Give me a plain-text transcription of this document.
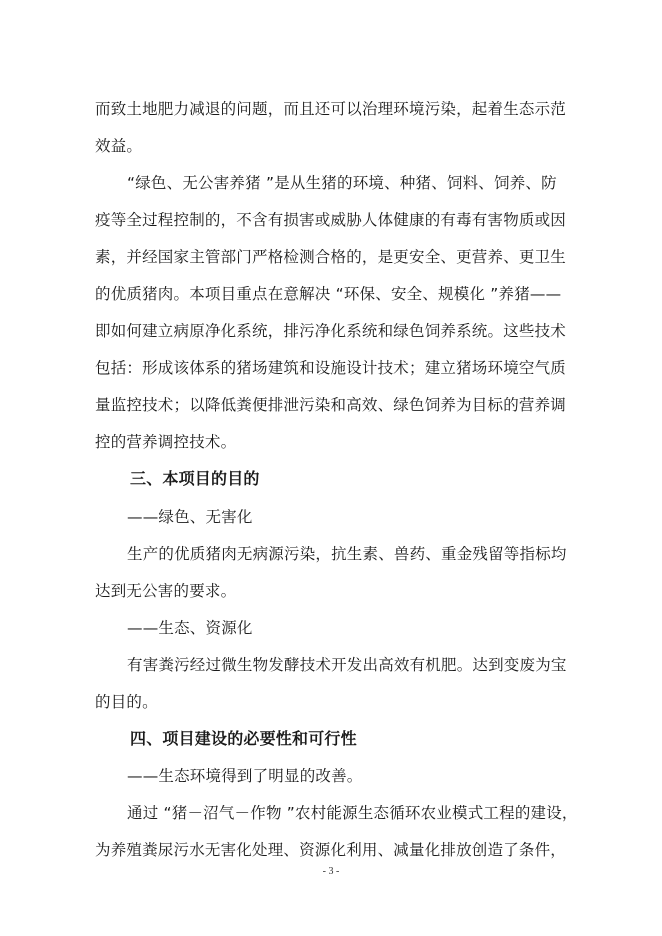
而致土地肥力减退的问题，而且还可以治理环境污染，起着生态示范
效益。
“绿色、无公害养猪 ”是从生猪的环境、种猪、饲料、饲养、防
疫等全过程控制的，不含有损害或威胁人体健康的有毒有害物质或因
素，并经国家主管部门严格检测合格的，是更安全、更营养、更卫生
的优质猪肉。本项目重点在意解决 “环保、安全、规模化 ”养猪——
即如何建立病原净化系统，排污净化系统和绿色饲养系统。这些技术
包括：形成该体系的猪场建筑和设施设计技术；建立猪场环境空气质
量监控技术；以降低粪便排泄污染和高效、绿色饲养为目标的营养调
控的营养调控技术。
三、本项目的目的
——绿色、无害化
生产的优质猪肉无病源污染，抗生素、兽药、重金残留等指标均
达到无公害的要求。
——生态、资源化
有害粪污经过微生物发酵技术开发出高效有机肥。达到变废为宝
的目的。
四、项目建设的必要性和可行性
——生态环境得到了明显的改善。
通过 “猪－沼气－作物 ”农村能源生态循环农业模式工程的建设，
为养殖粪尿污水无害化处理、资源化利用、减量化排放创造了条件，
- 3 -
